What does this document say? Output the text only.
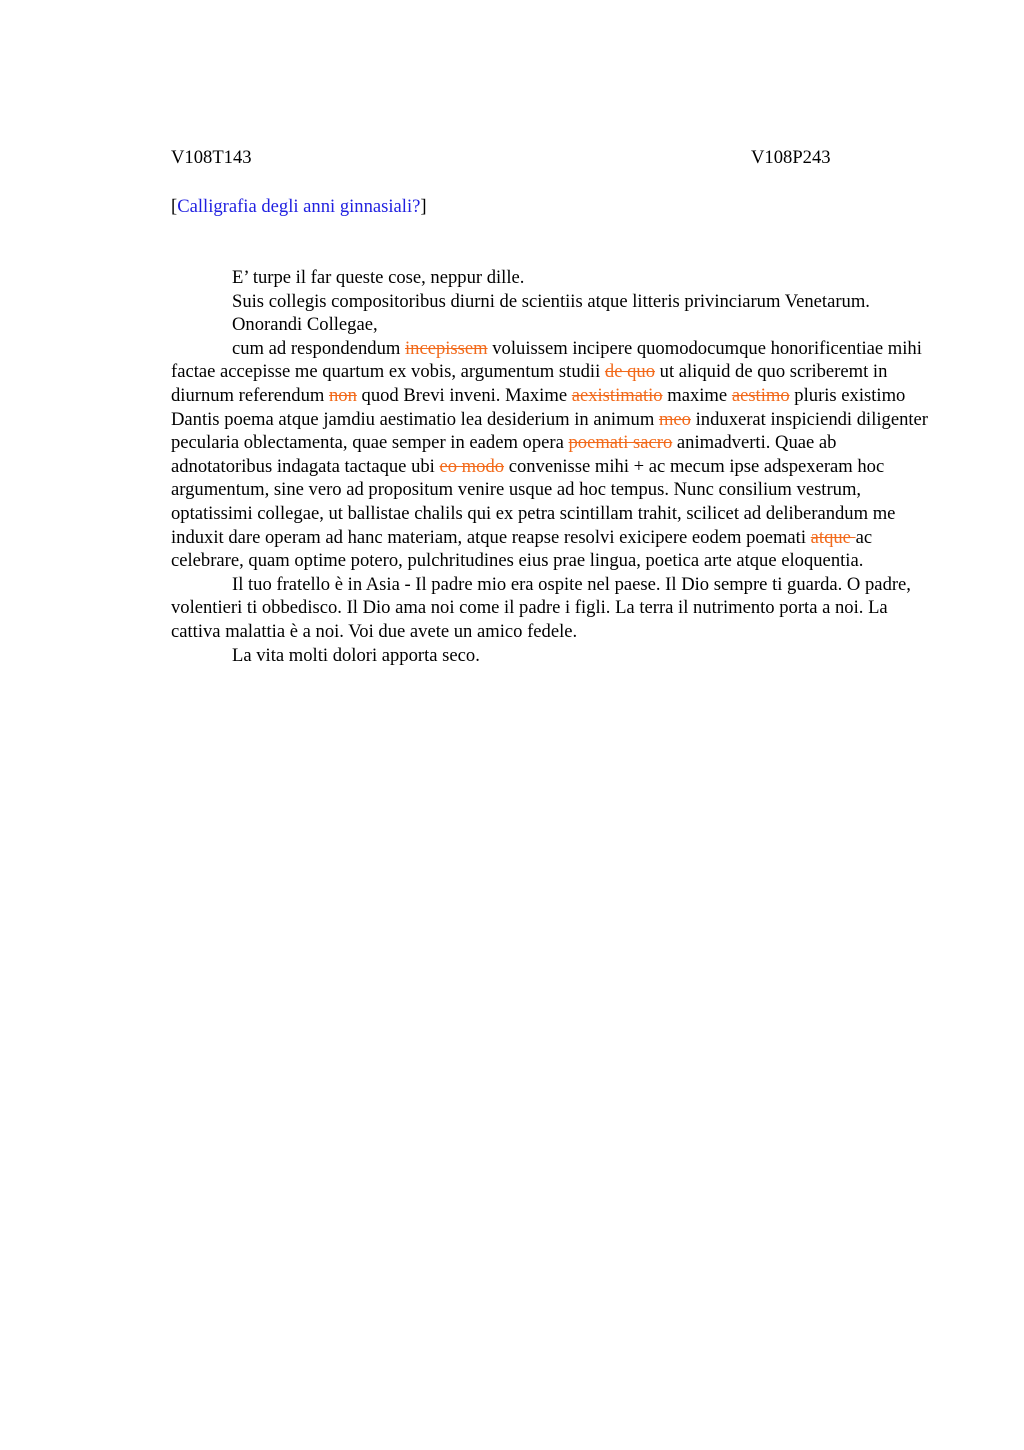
V108T143	V108P243
[Calligrafia degli anni ginnasiali?]

E’ turpe il far queste cose, neppur dille.

Suis collegis compositoribus diurni de scientiis atque litteris privinciarum Venetarum.

Onorandi Collegae,

cum ad respondendum incepissem voluissem incipere quomodocumque honorificentiae mihi factae accepisse me quartum ex vobis, argumentum studii de quo ut aliquid de quo scriberemt in diurnum referendum non quod Brevi inveni. Maxime aexistimatio maxime aestimo pluris existimo Dantis poema atque jamdiu aestimatio lea desiderium in animum meo induxerat inspiciendi diligenter pecularia oblectamenta, quae semper in eadem opera poemati sacro animadverti. Quae ab adnotatoribus indagata tactaque ubi eo modo convenisse mihi + ac mecum ipse adspexeram hoc argumentum, sine vero ad propositum venire usque ad hoc tempus. Nunc consilium vestrum, optatissimi collegae, ut ballistae chalils qui ex petra scintillam trahit, scilicet ad deliberandum me induxit dare operam ad hanc materiam, atque reapse resolvi exicipere eodem poemati atque ac celebrare, quam optime potero, pulchritudines eius prae lingua, poetica arte atque eloquentia.

Il tuo fratello è in Asia - Il padre mio era ospite nel paese. Il Dio sempre ti guarda. O padre, volentieri ti obbedisco. Il Dio ama noi come il padre i figli. La terra il nutrimento porta a noi. La cattiva malattia è a noi. Voi due avete un amico fedele.

La vita molti dolori apporta seco.
